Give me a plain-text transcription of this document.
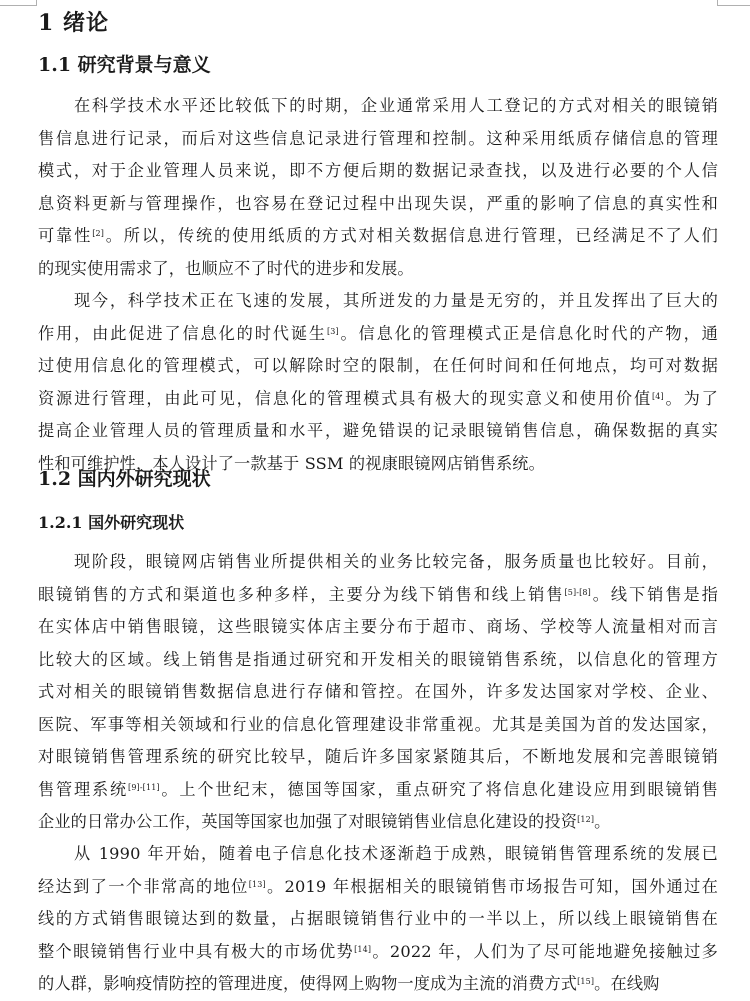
1 绪论
1.1 研究背景与意义
在科学技术水平还比较低下的时期，企业通常采用人工登记的方式对相关的眼镜销
售信息进行记录，而后对这些信息记录进行管理和控制。这种采用纸质存储信息的管理
模式，对于企业管理人员来说，即不方便后期的数据记录查找，以及进行必要的个人信
息资料更新与管理操作，也容易在登记过程中出现失误，严重的影响了信息的真实性和
可靠性[2]。所以，传统的使用纸质的方式对相关数据信息进行管理，已经满足不了人们
的现实使用需求了，也顺应不了时代的进步和发展。
现今，科学技术正在飞速的发展，其所迸发的力量是无穷的，并且发挥出了巨大的
作用，由此促进了信息化的时代诞生[3]。信息化的管理模式正是信息化时代的产物，通
过使用信息化的管理模式，可以解除时空的限制，在任何时间和任何地点，均可对数据
资源进行管理，由此可见，信息化的管理模式具有极大的现实意义和使用价值[4]。为了
提高企业管理人员的管理质量和水平，避免错误的记录眼镜销售信息，确保数据的真实
性和可维护性，本人设计了一款基于 SSM 的视康眼镜网店销售系统。
1.2 国内外研究现状
1.2.1 国外研究现状
现阶段，眼镜网店销售业所提供相关的业务比较完备，服务质量也比较好。目前，
眼镜销售的方式和渠道也多种多样，主要分为线下销售和线上销售[5]-[8]。线下销售是指
在实体店中销售眼镜，这些眼镜实体店主要分布于超市、商场、学校等人流量相对而言
比较大的区域。线上销售是指通过研究和开发相关的眼镜销售系统，以信息化的管理方
式对相关的眼镜销售数据信息进行存储和管控。在国外，许多发达国家对学校、企业、
医院、军事等相关领域和行业的信息化管理建设非常重视。尤其是美国为首的发达国家，
对眼镜销售管理系统的研究比较早，随后许多国家紧随其后，不断地发展和完善眼镜销
售管理系统[9]-[11]。上个世纪末，德国等国家，重点研究了将信息化建设应用到眼镜销售
企业的日常办公工作，英国等国家也加强了对眼镜销售业信息化建设的投资[12]。
从 1990 年开始，随着电子信息化技术逐渐趋于成熟，眼镜销售管理系统的发展已
经达到了一个非常高的地位[13]。2019 年根据相关的眼镜销售市场报告可知，国外通过在
线的方式销售眼镜达到的数量，占据眼镜销售行业中的一半以上，所以线上眼镜销售在
整个眼镜销售行业中具有极大的市场优势[14]。2022 年，人们为了尽可能地避免接触过多
的人群，影响疫情防控的管理进度，使得网上购物一度成为主流的消费方式[15]。在线购
